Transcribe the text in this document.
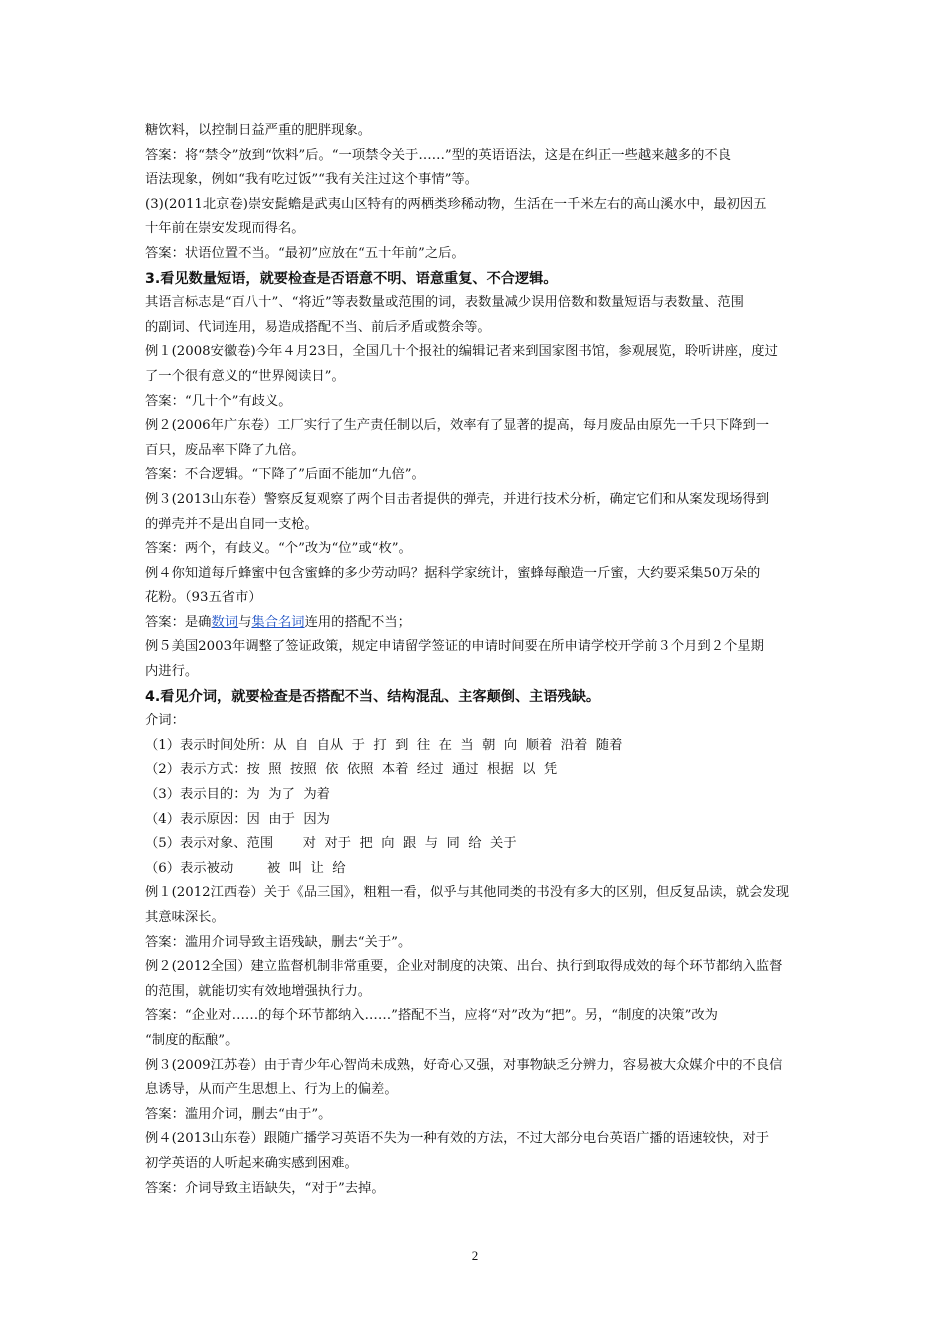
糖饮料，以控制日益严重的肥胖现象。
答案：将“禁令”放到“饮料”后。“一项禁令关于……”型的英语语法，这是在纠正一些越来越多的不良
语法现象，例如“我有吃过饭”“我有关注过这个事情”等。
(3)(2011北京卷)崇安髭蟾是武夷山区特有的两栖类珍稀动物，生活在一千米左右的高山溪水中，最初因五
十年前在崇安发现而得名。
答案：状语位置不当。“最初”应放在“五十年前”之后。
3.看见数量短语，就要检查是否语意不明、语意重复、不合逻辑。
其语言标志是“百八十”、“将近”等表数量或范围的词，表数量减少误用倍数和数量短语与表数量、范围
的副词、代词连用，易造成搭配不当、前后矛盾或赘余等。
例１(2008安徽卷)今年４月23日，全国几十个报社的编辑记者来到国家图书馆，参观展览，聆听讲座，度过
了一个很有意义的“世界阅读日”。
答案：“几十个”有歧义。
例２(2006年广东卷）工厂实行了生产责任制以后，效率有了显著的提高，每月废品由原先一千只下降到一
百只，废品率下降了九倍。
答案：不合逻辑。“下降了”后面不能加“九倍”。
例３(2013山东卷）警察反复观察了两个目击者提供的弹壳，并进行技术分析，确定它们和从案发现场得到
的弹壳并不是出自同一支枪。
答案：两个，有歧义。“个”改为“位”或“枚”。
例４你知道每斤蜂蜜中包含蜜蜂的多少劳动吗？据科学家统计，蜜蜂每酿造一斤蜜，大约要采集50万朵的
花粉。（93五省市）
答案：是确数词与集合名词连用的搭配不当；
例５美国2003年调整了签证政策，规定申请留学签证的申请时间要在所申请学校开学前３个月到２个星期
内进行。
4.看见介词，就要检查是否搭配不当、结构混乱、主客颠倒、主语残缺。
介词：
（1）表示时间处所：从  自  自从  于  打  到  往  在  当  朝  向  顺着  沿着  随着
（2）表示方式：按  照  按照  依  依照  本着  经过  通过  根据  以  凭
（3）表示目的：为  为了  为着
（4）表示原因：因  由于  因为
（5）表示对象、范围       对  对于  把  向  跟  与  同  给  关于
（6）表示被动        被  叫  让  给
例１(2012江西卷）关于《品三国》，粗粗一看，似乎与其他同类的书没有多大的区别，但反复品读，就会发现
其意味深长。
答案：滥用介词导致主语残缺，删去“关于”。
例２(2012全国）建立监督机制非常重要，企业对制度的决策、出台、执行到取得成效的每个环节都纳入监督
的范围，就能切实有效地增强执行力。
答案：“企业对……的每个环节都纳入……”搭配不当，应将“对”改为“把”。另，“制度的决策”改为
“制度的酝酿”。
例３(2009江苏卷）由于青少年心智尚未成熟，好奇心又强，对事物缺乏分辨力，容易被大众媒介中的不良信
息诱导，从而产生思想上、行为上的偏差。
答案：滥用介词，删去“由于”。
例４(2013山东卷）跟随广播学习英语不失为一种有效的方法，不过大部分电台英语广播的语速较快，对于
初学英语的人听起来确实感到困难。
答案：介词导致主语缺失，“对于”去掉。
2
